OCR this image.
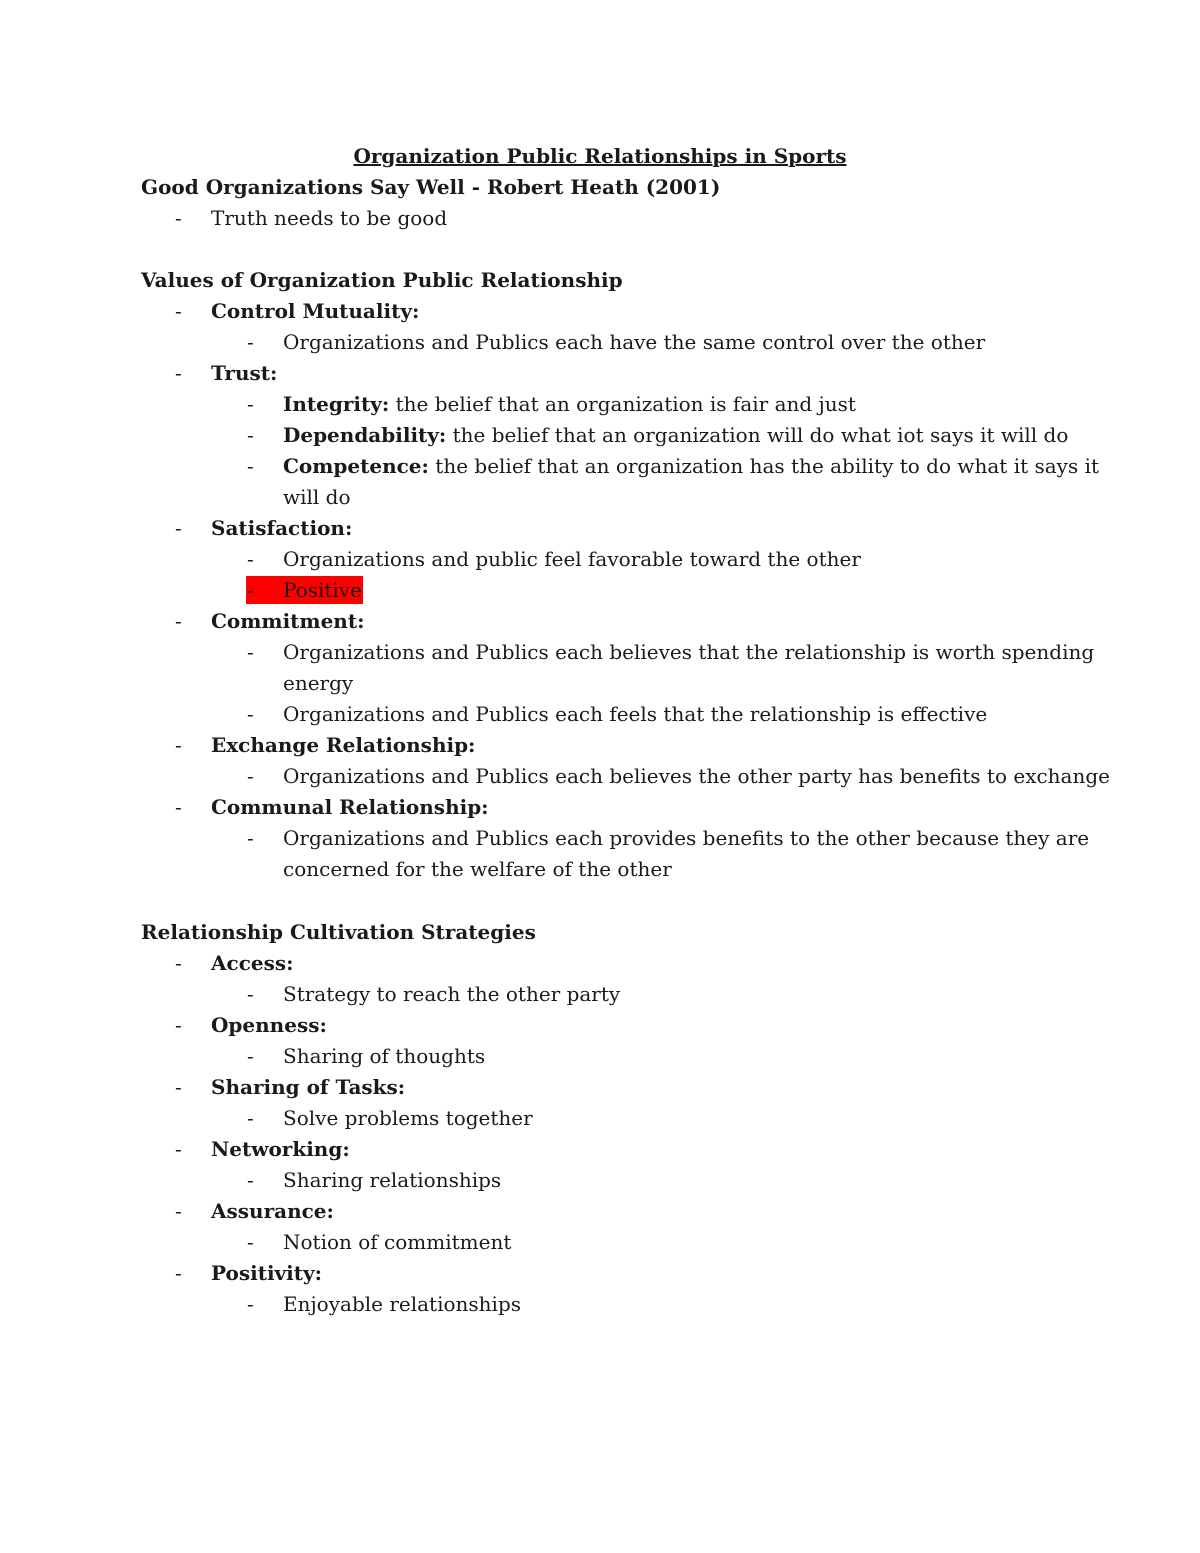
Organization Public Relationships in Sports
Good Organizations Say Well - Robert Heath (2001)
- Truth needs to be good
Values of Organization Public Relationship
- Control Mutuality:
- Organizations and Publics each have the same control over the other
- Trust:
- Integrity: the belief that an organization is fair and just
- Dependability: the belief that an organization will do what iot says it will do
- Competence: the belief that an organization has the ability to do what it says it
will do
- Satisfaction:
- Organizations and public feel favorable toward the other
- Positive
- Commitment:
- Organizations and Publics each believes that the relationship is worth spending
energy
- Organizations and Publics each feels that the relationship is effective
- Exchange Relationship:
- Organizations and Publics each believes the other party has benefits to exchange
- Communal Relationship:
- Organizations and Publics each provides benefits to the other because they are
concerned for the welfare of the other
Relationship Cultivation Strategies
- Access:
- Strategy to reach the other party
- Openness:
- Sharing of thoughts
- Sharing of Tasks:
- Solve problems together
- Networking:
- Sharing relationships
- Assurance:
- Notion of commitment
- Positivity:
- Enjoyable relationships
